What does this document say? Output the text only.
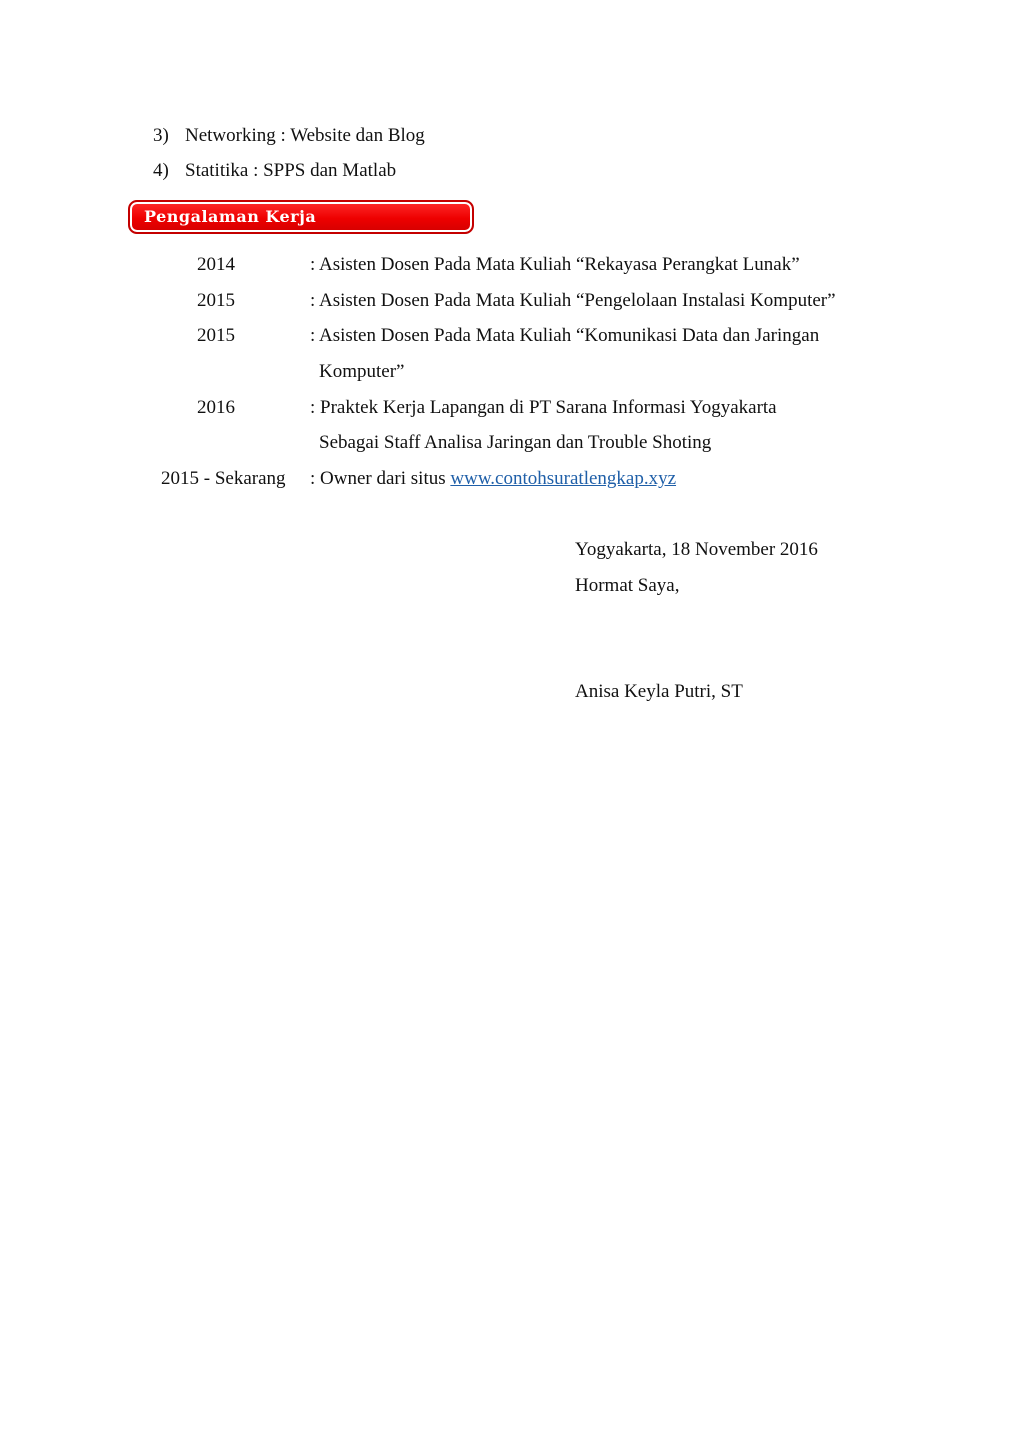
3) Networking : Website dan Blog
4) Statitika : SPPS dan Matlab
Pengalaman Kerja
2014	: Asisten Dosen Pada Mata Kuliah “Rekayasa Perangkat Lunak”
2015	: Asisten Dosen Pada Mata Kuliah “Pengelolaan Instalasi Komputer”
2015	: Asisten Dosen Pada Mata Kuliah “Komunikasi Data dan Jaringan
Komputer”
2016	: Praktek Kerja Lapangan di PT Sarana Informasi Yogyakarta
Sebagai Staff Analisa Jaringan dan Trouble Shoting
2015 - Sekarang : Owner dari situs www.contohsuratlengkap.xyz
Yogyakarta, 18 November 2016
Hormat Saya,
Anisa Keyla Putri, ST
